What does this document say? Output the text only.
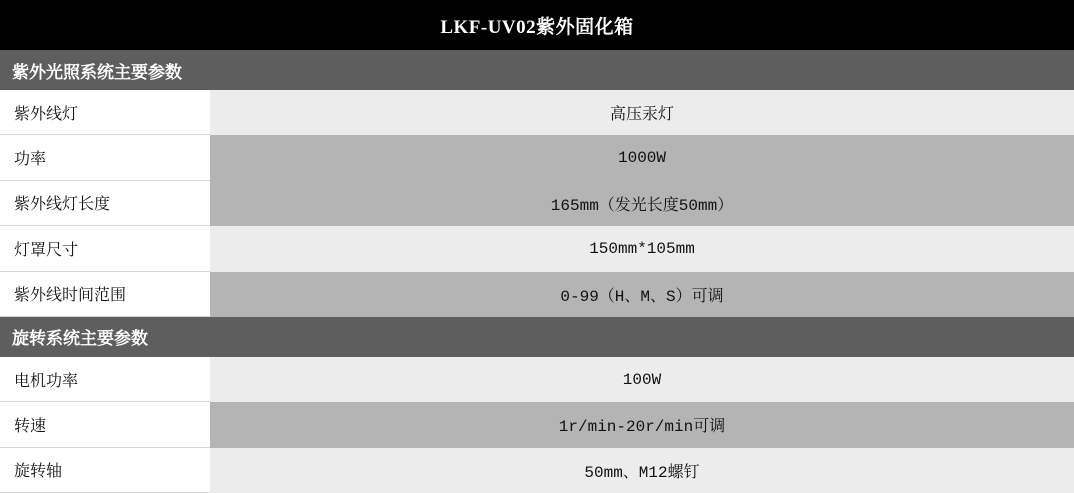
LKF-UV02紫外固化箱
紫外光照系统主要参数
紫外线灯	高压汞灯
功率	1000W
紫外线灯长度	165mm（发光长度50mm）
灯罩尺寸	150mm*105mm
紫外线时间范围	0-99（H、M、S）可调
旋转系统主要参数
电机功率	100W
转速	1r/min-20r/min可调
旋转轴	50mm、M12螺钉
